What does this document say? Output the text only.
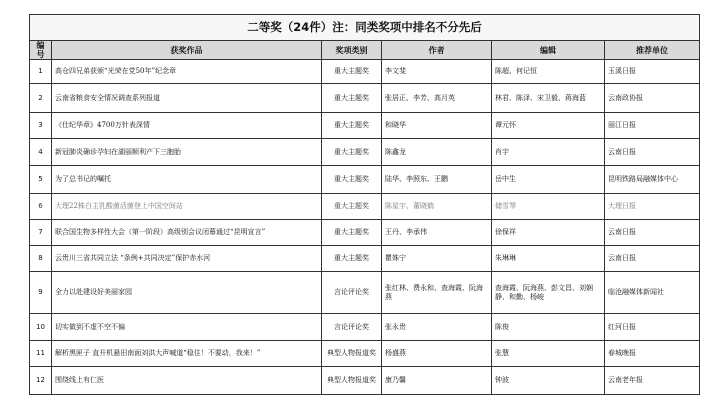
二等奖（24件）注：同类奖项中排名不分先后					
编号	获奖作品	奖项类别	作者	编辑	推荐单位
1	高仓四兄弟获颁“光荣在党50年”纪念章	重大主题奖	李文斐	陈超、何记恒	玉溪日报
2	云南省粮食安全情况调查系列报道	重大主题奖	张居正、李芳、高月英	林君、陈泽、宋卫毅、蒋海蓝	云南政协报
3	《仕纪华章》4700万针表深情	重大主题奖	和晓华	谭元怀	丽江日报
4	新冠肺炎确诊孕妇在湖丽顺利产下三胞胎	重大主题奖	陈鑫龙	肖宇	云南日报
5	为了总书记的嘱托	重大主题奖	陆华、李照东、王鹏	岳中生	昆明铁路局融媒体中心
6	大理22株白主乳酸菌活菌登上中国空间站	重大主题奖	陈星宇、董晓鹤	储雪琴	大理日报
7	联合国生物多样性大会（第一阶段）高级别会议闭幕通过“昆明宣言”	重大主题奖	王丹、李承伟	徐保祥	云南日报
8	云贵川三省共同立法 “条例+共同决定”保护赤水河	重大主题奖	瞿姝宁	朱琳琳	云南日报
9	全力以赴建设好美丽家园	言论评论奖	张红林、费永和、查海霞、阮海燕	查海霞、阮海燕、彭文昌、刘娴静、和勤、杨峻	临沧融媒体新闻社
10	切实做到不虚不空不偏	言论评论奖	张永贵	陈俊	红河日报
11	解析黑匣子 直升机悬田南面刘洪大声喊道“稳住！不要动，我来！”	典型人物报道奖	杨盛燕	张慧	春城晚报
12	围绕线上有仁医	典型人物报道奖	康乃馨	钟波	云南老年报
